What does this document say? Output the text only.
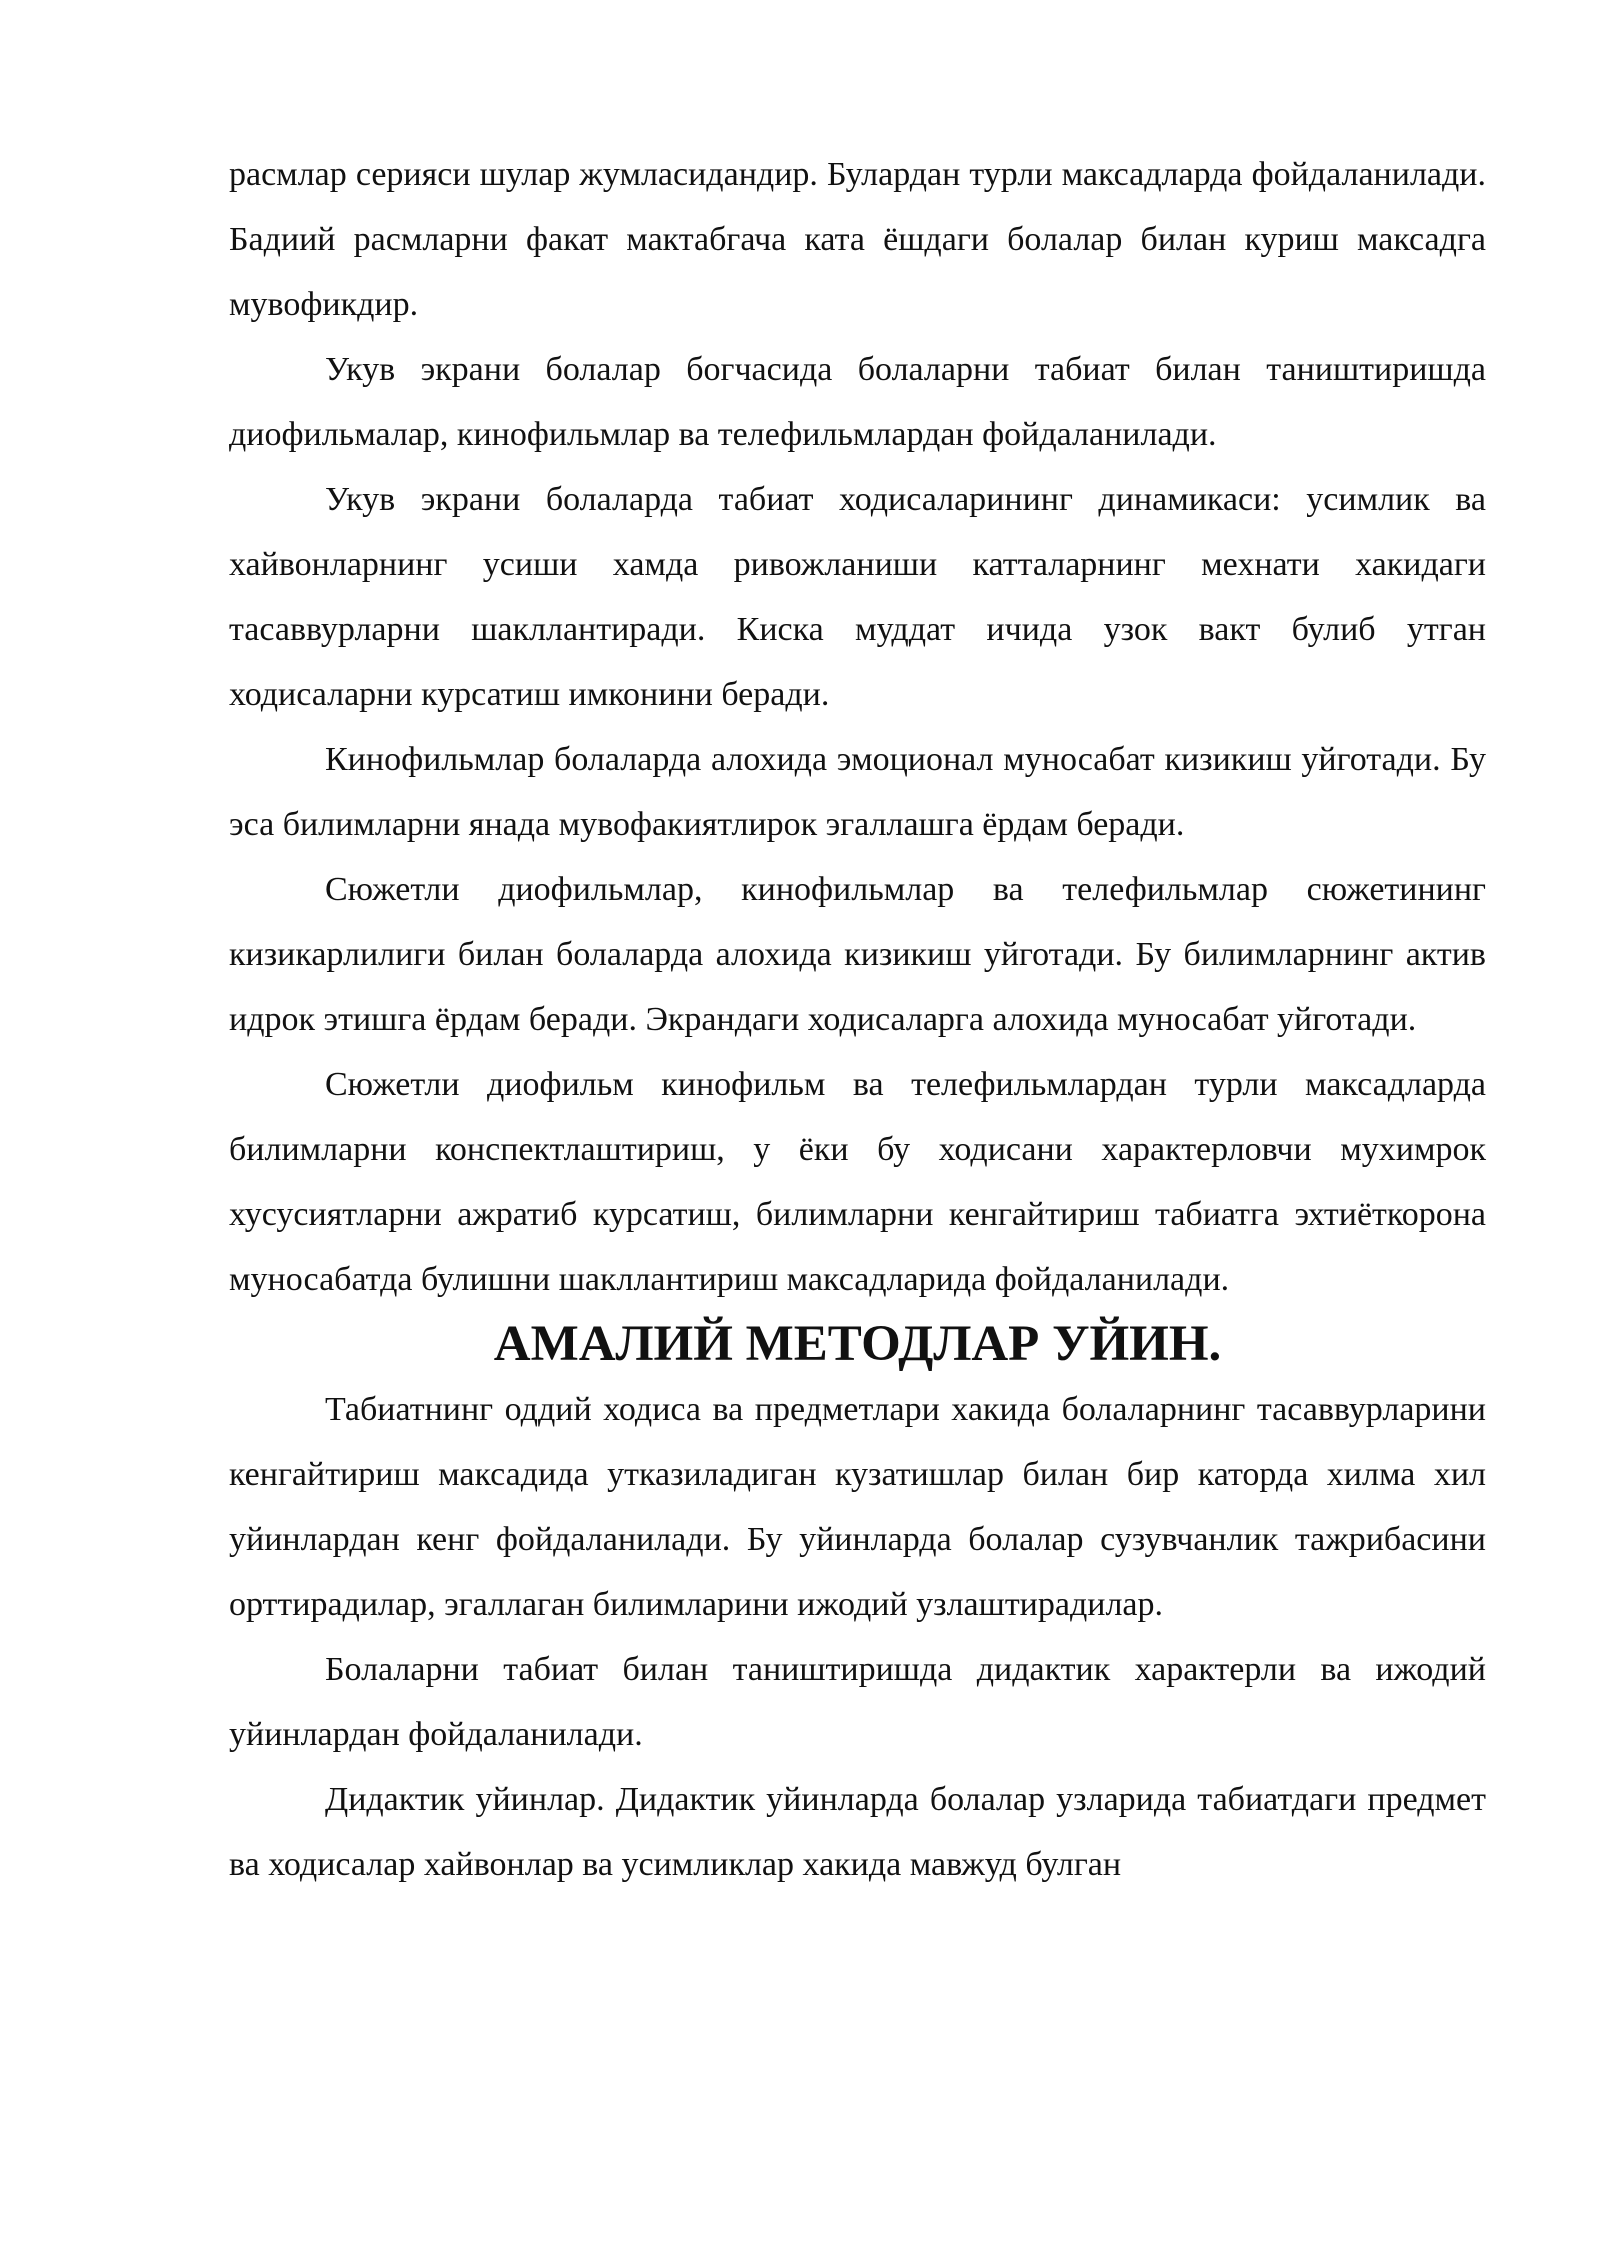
расмлар серияси шулар жумласидандир. Булардан турли максадларда фойдаланилади. Бадиий расмларни факат мактабгача ката ёшдаги болалар билан куриш максадга мувофикдир.

Укув экрани болалар богчасида болаларни табиат билан таништиришда диофильмалар, кинофильмлар ва телефильмлардан фойдаланилади.

Укув экрани болаларда табиат ходисаларининг динамикаси: усимлик ва хайвонларнинг усиши хамда ривожланиши катталарнинг мехнати хакидаги тасаввурларни шакллантиради. Киска муддат ичида узок вакт булиб утган ходисаларни курсатиш имконини беради.

Кинофильмлар болаларда алохида эмоционал муносабат кизикиш уйготади. Бу эса билимларни янада мувофакиятлирок эгаллашга ёрдам беради.

Сюжетли диофильмлар, кинофильмлар ва телефильмлар сюжетининг кизикарлилиги билан болаларда алохида кизикиш уйготади. Бу билимларнинг актив идрок этишга ёрдам беради. Экрандаги ходисаларга алохида муносабат уйготади.

Сюжетли диофильм кинофильм ва телефильмлардан турли максадларда билимларни конспектлаштириш, у ёки бу ходисани характерловчи мухимрок хусусиятларни ажратиб курсатиш, билимларни кенгайтириш табиатга эхтиёткорона муносабатда булишни шакллантириш максадларида фойдаланилади.

АМАЛИЙ МЕТОДЛАР УЙИН.

Табиатнинг оддий ходиса ва предметлари хакида болаларнинг тасаввурларини кенгайтириш максадида утказиладиган кузатишлар билан бир каторда хилма хил уйинлардан кенг фойдаланилади. Бу уйинларда болалар сузувчанлик тажрибасини орттирадилар, эгаллаган билимларини ижодий узлаштирадилар.

Болаларни табиат билан таништиришда дидактик характерли ва ижодий уйинлардан фойдаланилади.

Дидактик уйинлар. Дидактик уйинларда болалар узларида табиатдаги предмет ва ходисалар хайвонлар ва усимликлар хакида мавжуд булган
